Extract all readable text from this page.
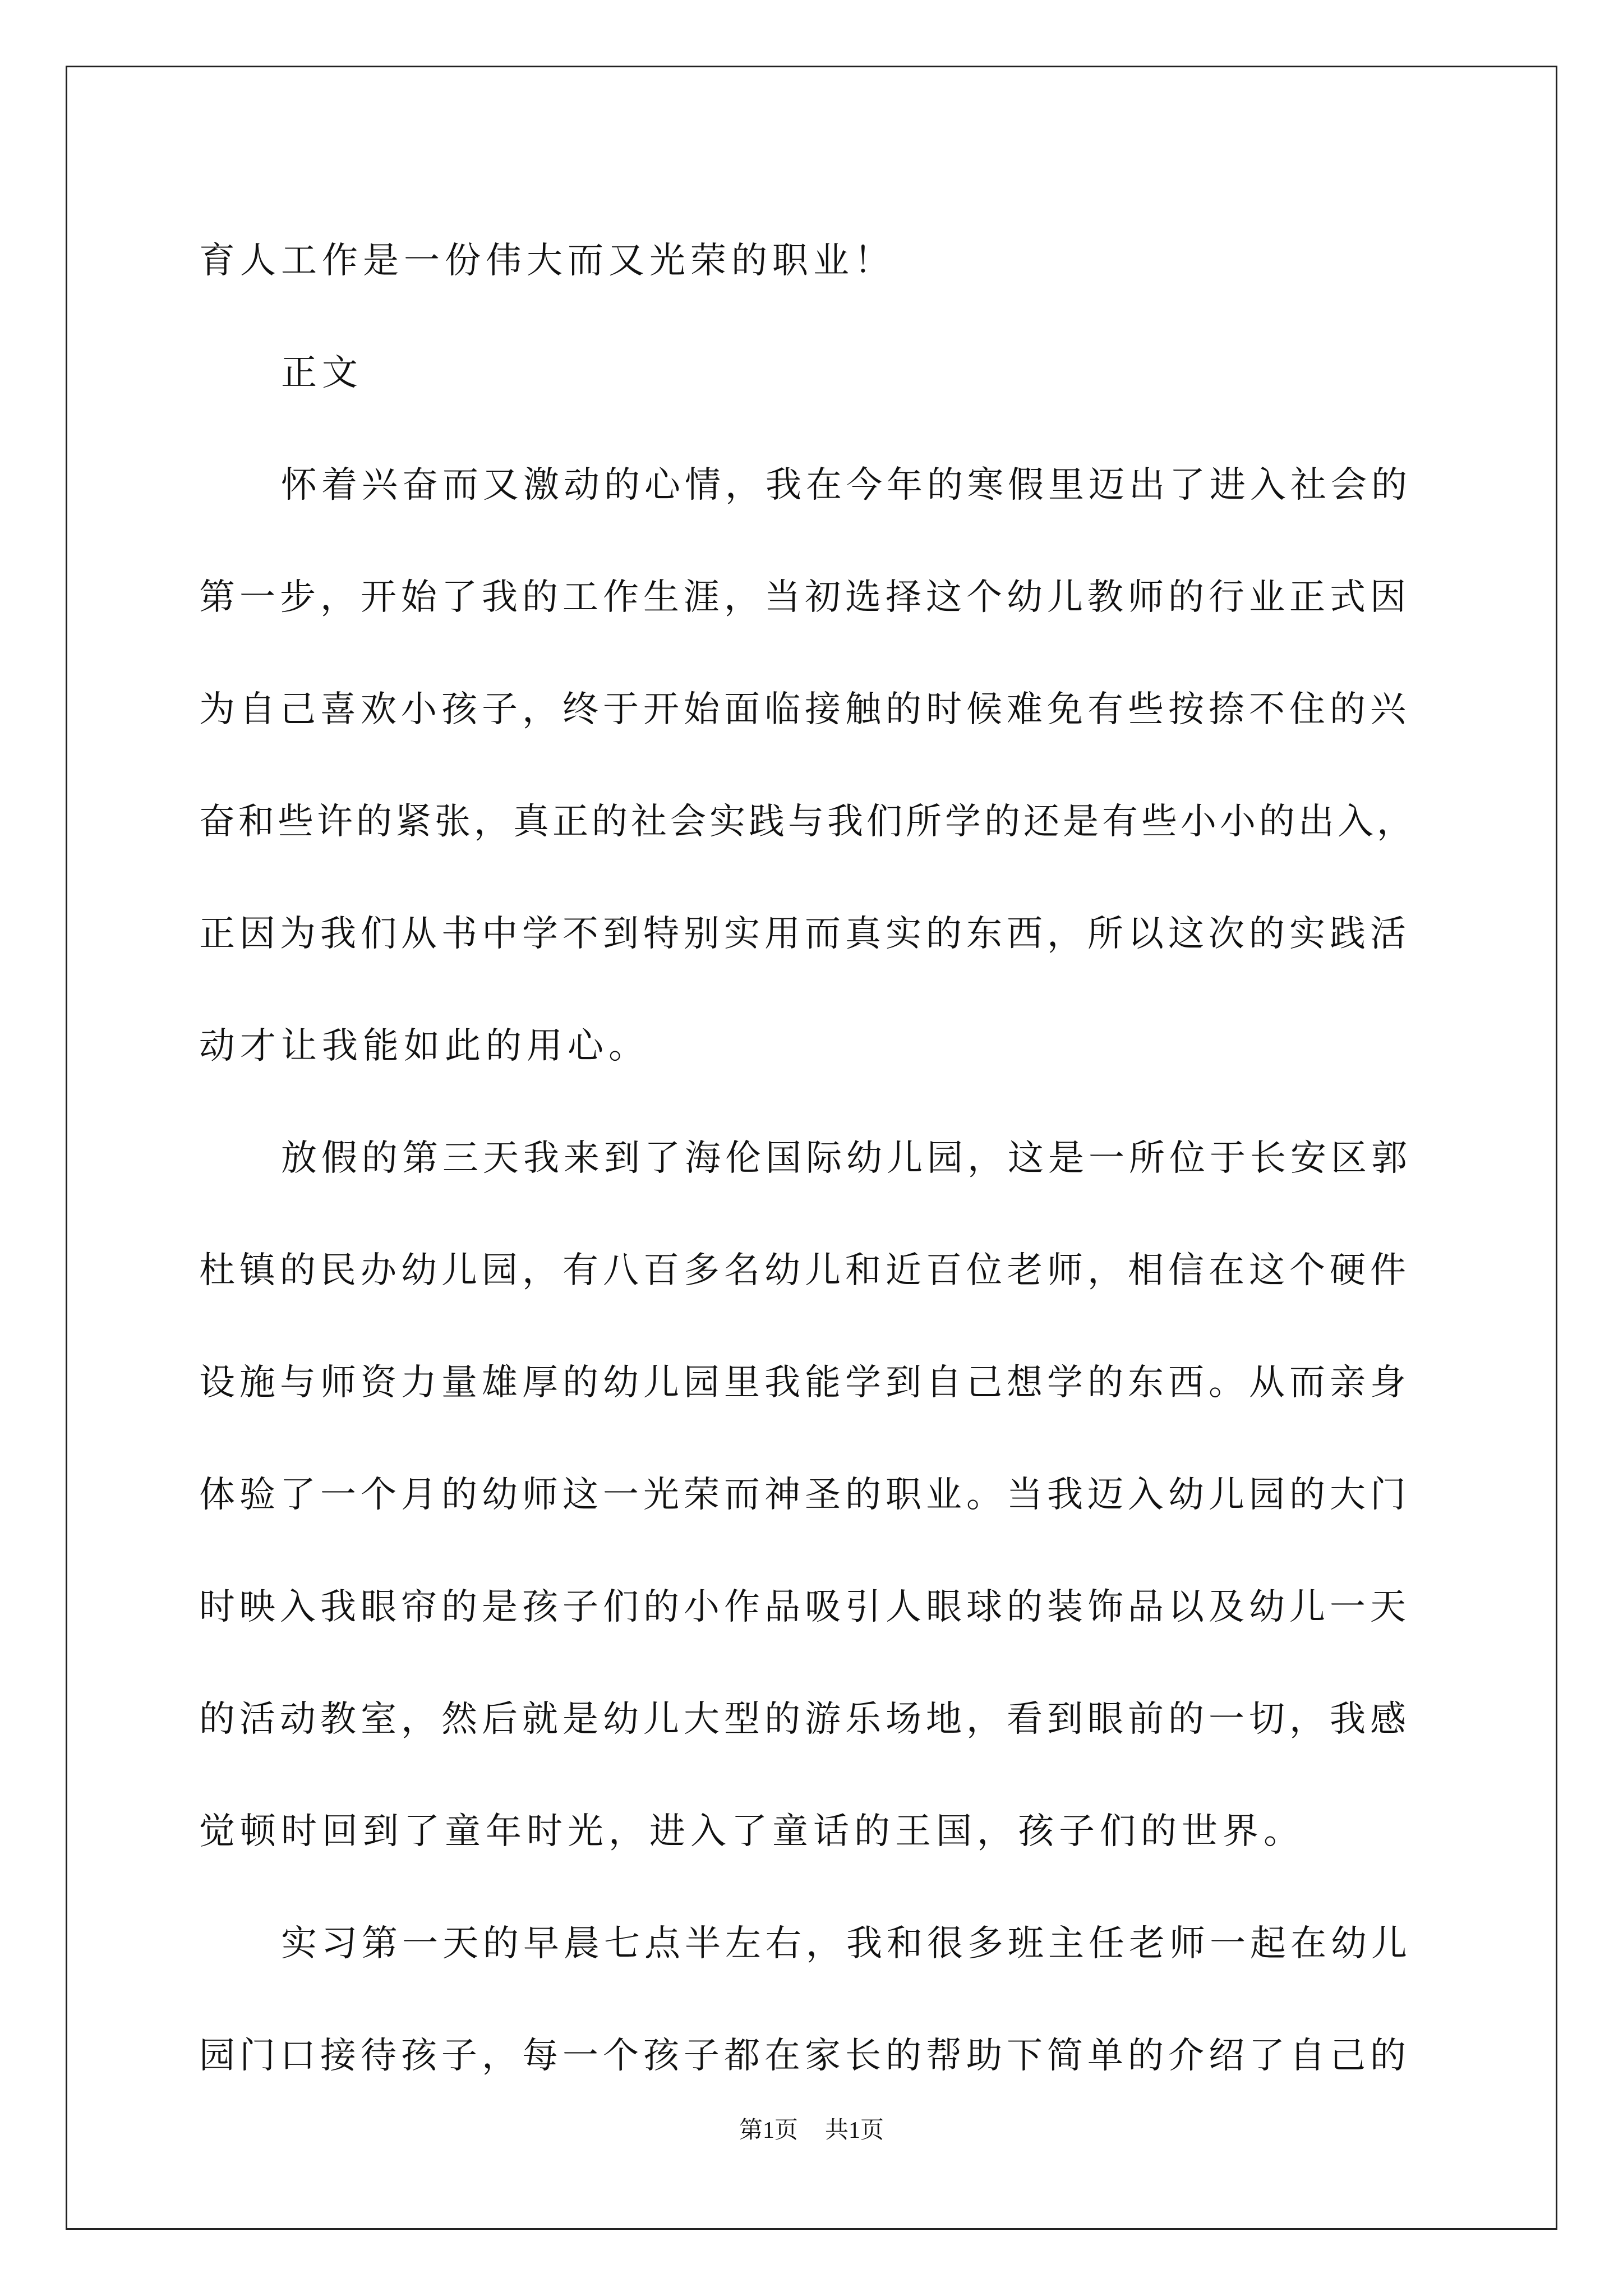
育人工作是一份伟大而又光荣的职业！

正文

怀着兴奋而又激动的心情，我在今年的寒假里迈出了进入社会的

第一步，开始了我的工作生涯，当初选择这个幼儿教师的行业正式因

为自己喜欢小孩子，终于开始面临接触的时候难免有些按捺不住的兴

奋和些许的紧张，真正的社会实践与我们所学的还是有些小小的出入，

正因为我们从书中学不到特别实用而真实的东西，所以这次的实践活

动才让我能如此的用心。

放假的第三天我来到了海伦国际幼儿园，这是一所位于长安区郭

杜镇的民办幼儿园，有八百多名幼儿和近百位老师，相信在这个硬件

设施与师资力量雄厚的幼儿园里我能学到自己想学的东西。从而亲身

体验了一个月的幼师这一光荣而神圣的职业。当我迈入幼儿园的大门

时映入我眼帘的是孩子们的小作品吸引人眼球的装饰品以及幼儿一天

的活动教室，然后就是幼儿大型的游乐场地，看到眼前的一切，我感

觉顿时回到了童年时光，进入了童话的王国，孩子们的世界。

实习第一天的早晨七点半左右，我和很多班主任老师一起在幼儿

园门口接待孩子，每一个孩子都在家长的帮助下简单的介绍了自己的

第1页 共1页
